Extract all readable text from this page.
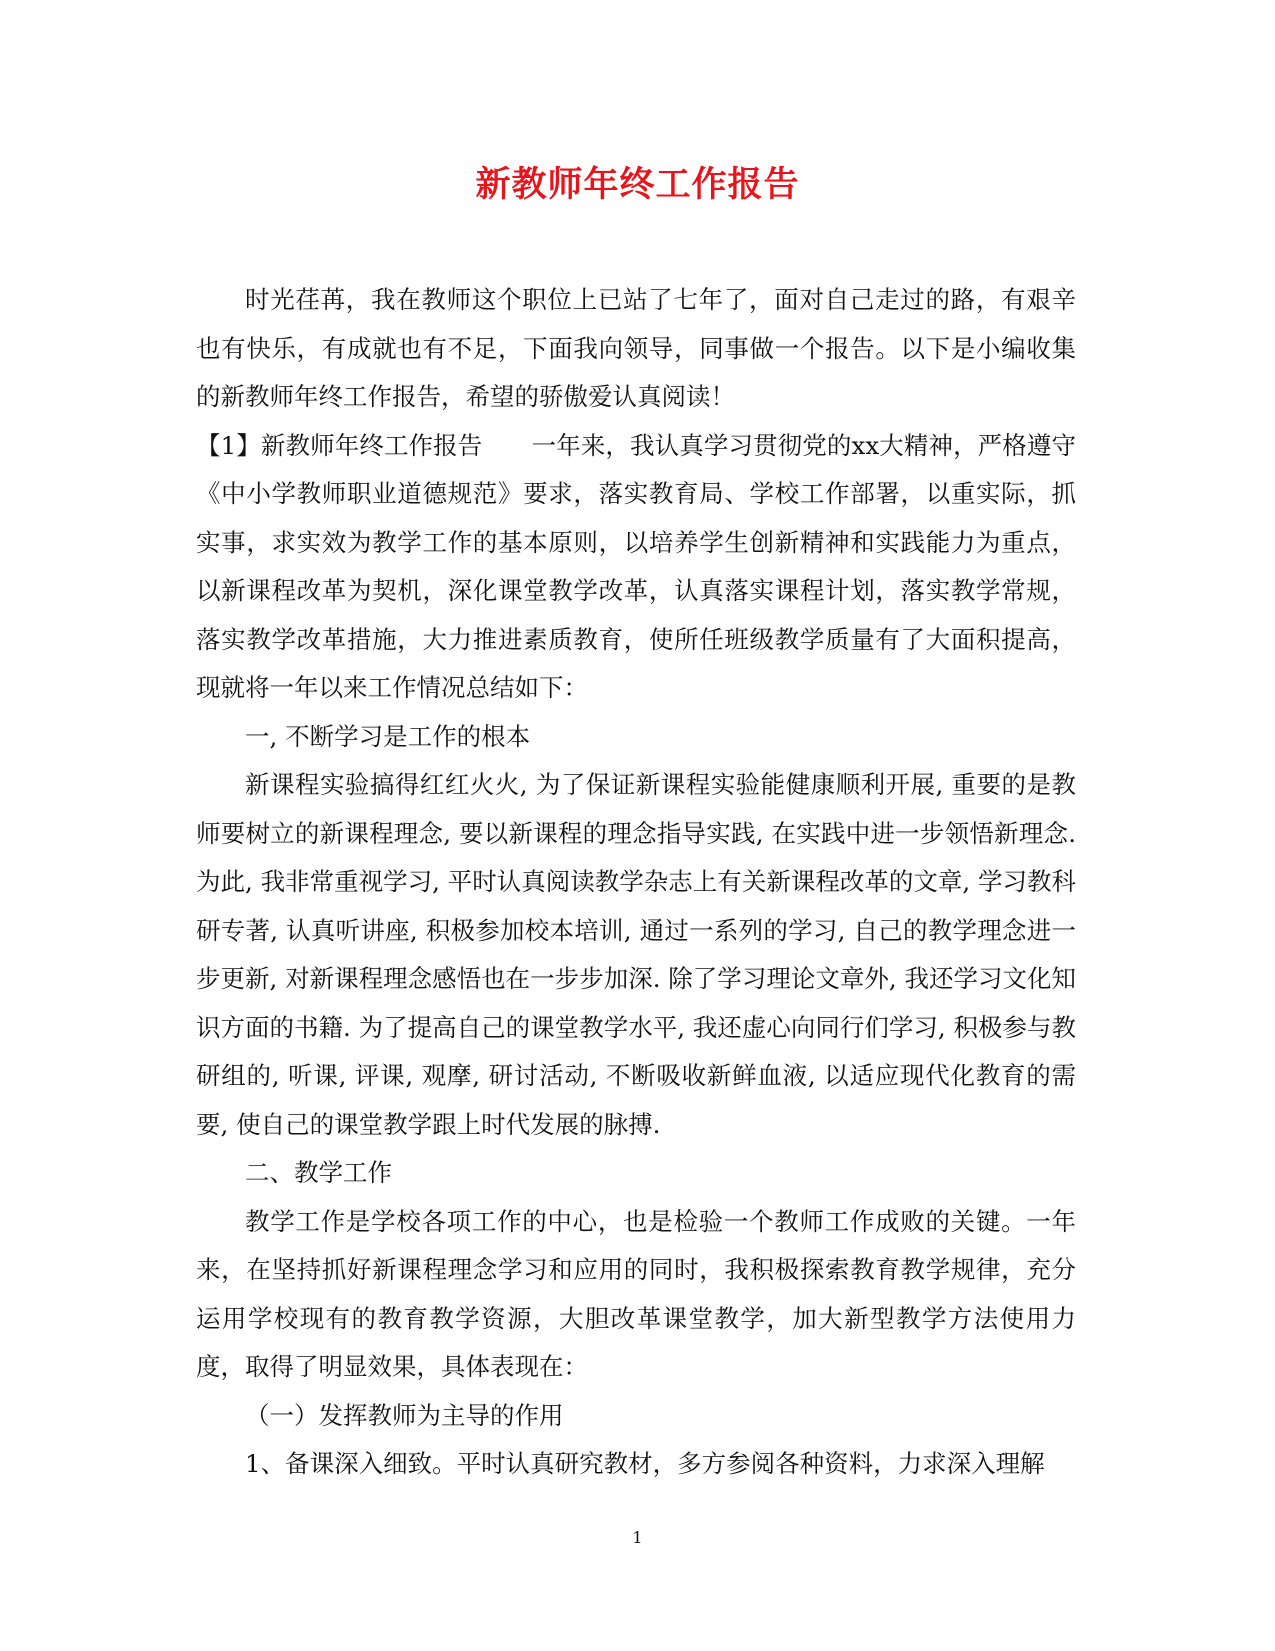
新教师年终工作报告

时光荏苒，我在教师这个职位上已站了七年了，面对自己走过的路，有艰辛也有快乐，有成就也有不足，下面我向领导，同事做一个报告。以下是小编收集的新教师年终工作报告，希望的骄傲爱认真阅读！

【1】新教师年终工作报告　　一年来，我认真学习贯彻党的xx大精神，严格遵守《中小学教师职业道德规范》要求，落实教育局、学校工作部署，以重实际，抓实事，求实效为教学工作的基本原则，以培养学生创新精神和实践能力为重点，以新课程改革为契机，深化课堂教学改革，认真落实课程计划，落实教学常规，落实教学改革措施，大力推进素质教育，使所任班级教学质量有了大面积提高，现就将一年以来工作情况总结如下：

一, 不断学习是工作的根本

新课程实验搞得红红火火, 为了保证新课程实验能健康顺利开展, 重要的是教师要树立的新课程理念, 要以新课程的理念指导实践, 在实践中进一步领悟新理念. 为此, 我非常重视学习, 平时认真阅读教学杂志上有关新课程改革的文章, 学习教科研专著, 认真听讲座, 积极参加校本培训, 通过一系列的学习, 自己的教学理念进一步更新, 对新课程理念感悟也在一步步加深. 除了学习理论文章外, 我还学习文化知识方面的书籍. 为了提高自己的课堂教学水平, 我还虚心向同行们学习, 积极参与教研组的, 听课, 评课, 观摩, 研讨活动, 不断吸收新鲜血液, 以适应现代化教育的需要, 使自己的课堂教学跟上时代发展的脉搏.

二、教学工作

教学工作是学校各项工作的中心，也是检验一个教师工作成败的关键。一年来，在坚持抓好新课程理念学习和应用的同时，我积极探索教育教学规律，充分运用学校现有的教育教学资源，大胆改革课堂教学，加大新型教学方法使用力度，取得了明显效果，具体表现在：

（一）发挥教师为主导的作用

1、备课深入细致。平时认真研究教材，多方参阅各种资料，力求深入理解

1
